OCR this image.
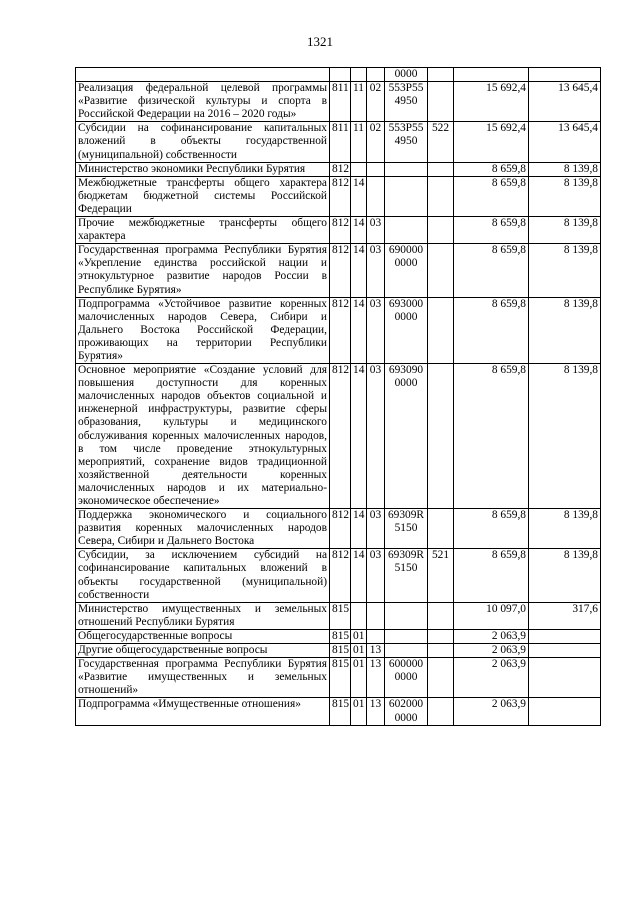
1321
				0000			
Реализация федеральной целевой программы «Развитие физической культуры и спорта в Российской Федерации на 2016 – 2020 годы»	811	11	02	553P55 4950		15 692,4	13 645,4
Субсидии на софинансирование капитальных вложений в объекты государственной (муниципальной) собственности	811	11	02	553P55 4950	522	15 692,4	13 645,4
Министерство экономики Республики Бурятия	812					8 659,8	8 139,8
Межбюджетные трансферты общего характера бюджетам бюджетной системы Российской Федерации	812	14				8 659,8	8 139,8
Прочие межбюджетные трансферты общего характера	812	14	03			8 659,8	8 139,8
Государственная программа Республики Бурятия «Укрепление единства российской нации и этнокультурное развитие народов России в Республике Бурятия»	812	14	03	690000 0000		8 659,8	8 139,8
Подпрограмма «Устойчивое развитие коренных малочисленных народов Севера, Сибири и Дальнего Востока Российской Федерации, проживающих на территории Республики Бурятия»	812	14	03	693000 0000		8 659,8	8 139,8
Основное мероприятие «Создание условий для повышения доступности для коренных малочисленных народов объектов социальной и инженерной инфраструктуры, развитие сферы образования, культуры и медицинского обслуживания коренных малочисленных народов, в том числе проведение этнокультурных мероприятий, сохранение видов традиционной хозяйственной деятельности коренных малочисленных народов и их материально-экономическое обеспечение»	812	14	03	693090 0000		8 659,8	8 139,8
Поддержка экономического и социального развития коренных малочисленных народов Севера, Сибири и Дальнего Востока	812	14	03	69309R 5150		8 659,8	8 139,8
Субсидии, за исключением субсидий на софинансирование капитальных вложений в объекты государственной (муниципальной) собственности	812	14	03	69309R 5150	521	8 659,8	8 139,8
Министерство имущественных и земельных отношений Республики Бурятия	815					10 097,0	317,6
Общегосударственные вопросы	815	01				2 063,9	
Другие общегосударственные вопросы	815	01	13			2 063,9	
Государственная программа Республики Бурятия «Развитие имущественных и земельных отношений»	815	01	13	600000 0000		2 063,9	
Подпрограмма «Имущественные отношения»	815	01	13	602000 0000		2 063,9	
